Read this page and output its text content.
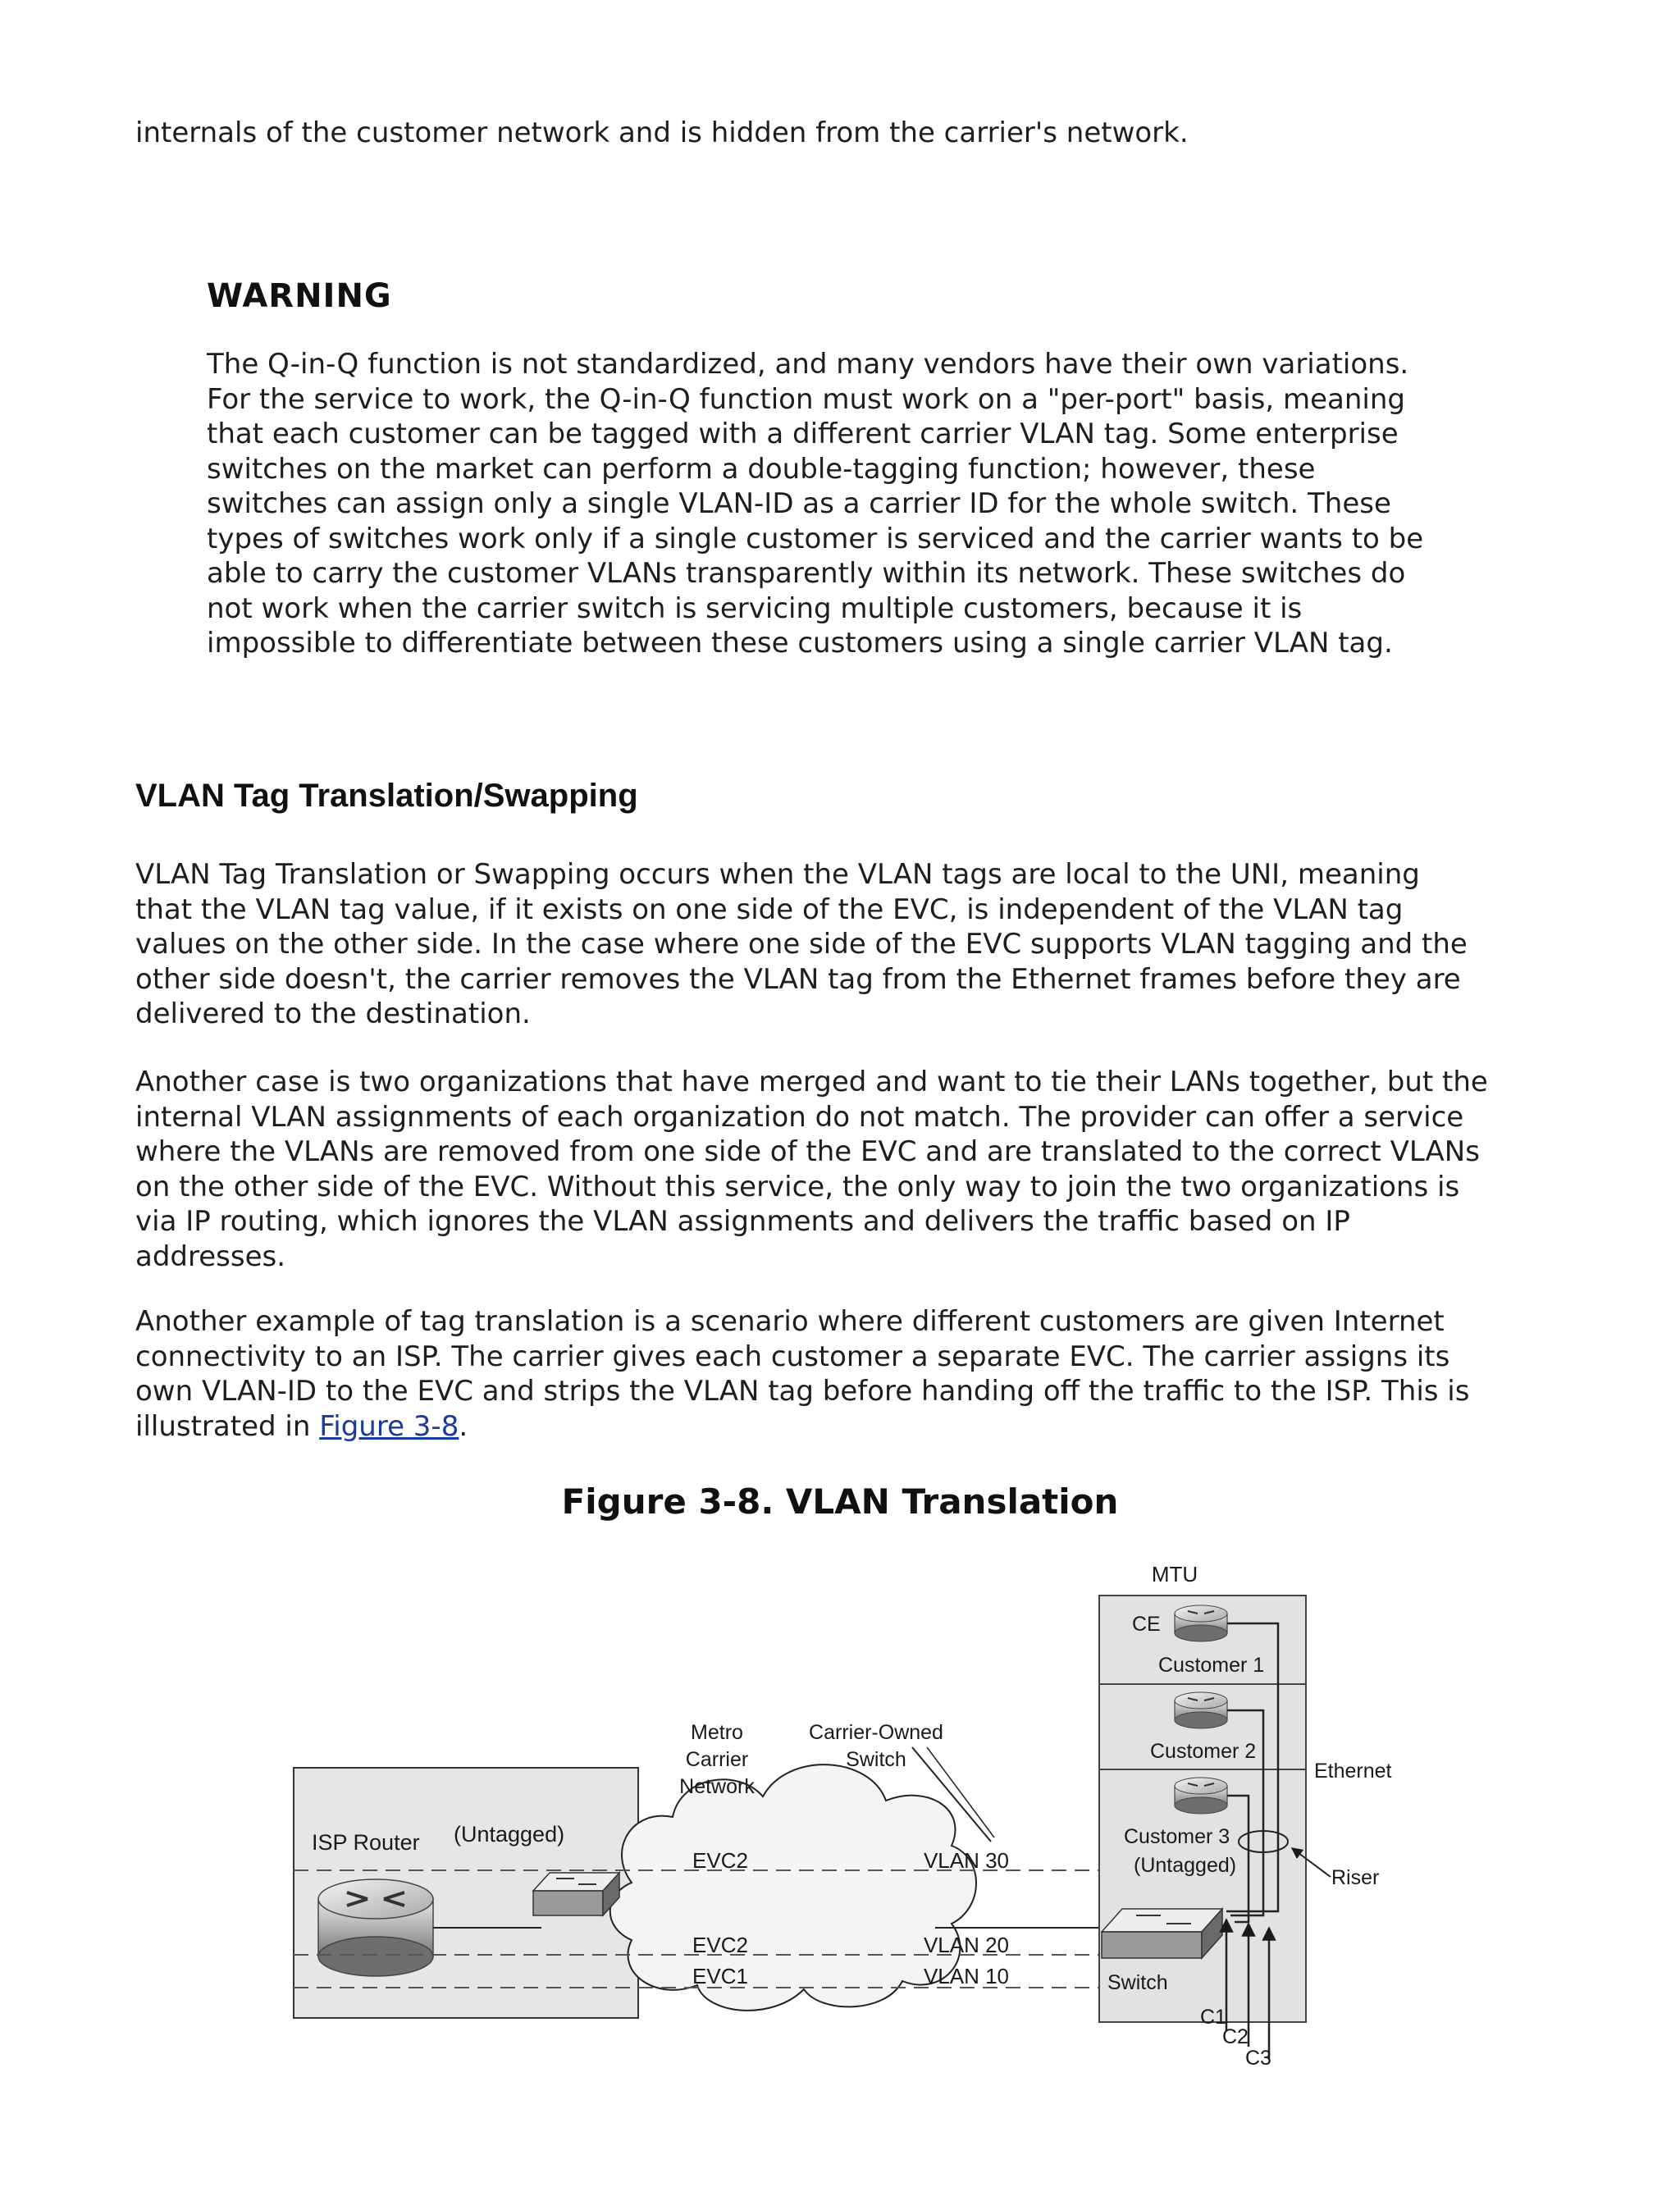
internals of the customer network and is hidden from the carrier's network.

WARNING

The Q-in-Q function is not standardized, and many vendors have their own variations.
For the service to work, the Q-in-Q function must work on a "per-port" basis, meaning
that each customer can be tagged with a different carrier VLAN tag. Some enterprise
switches on the market can perform a double-tagging function; however, these
switches can assign only a single VLAN-ID as a carrier ID for the whole switch. These
types of switches work only if a single customer is serviced and the carrier wants to be
able to carry the customer VLANs transparently within its network. These switches do
not work when the carrier switch is servicing multiple customers, because it is
impossible to differentiate between these customers using a single carrier VLAN tag.

VLAN Tag Translation/Swapping

VLAN Tag Translation or Swapping occurs when the VLAN tags are local to the UNI, meaning
that the VLAN tag value, if it exists on one side of the EVC, is independent of the VLAN tag
values on the other side. In the case where one side of the EVC supports VLAN tagging and the
other side doesn't, the carrier removes the VLAN tag from the Ethernet frames before they are
delivered to the destination.

Another case is two organizations that have merged and want to tie their LANs together, but the
internal VLAN assignments of each organization do not match. The provider can offer a service
where the VLANs are removed from one side of the EVC and are translated to the correct VLANs
on the other side of the EVC. Without this service, the only way to join the two organizations is
via IP routing, which ignores the VLAN assignments and delivers the traffic based on IP
addresses.

Another example of tag translation is a scenario where different customers are given Internet
connectivity to an ISP. The carrier gives each customer a separate EVC. The carrier assigns its
own VLAN-ID to the EVC and strips the VLAN tag before handing off the traffic to the ISP. This is
illustrated in Figure 3-8.

Figure 3-8. VLAN Translation
ISP Router (Untagged)
Metro
Carrier
Network
Carrier-Owned
Switch
EVC2
EVC2
EVC1
VLAN 30
VLAN 20
VLAN 10
MTU
CE
Customer 1
Customer 2
Customer 3
(Untagged)
Ethernet
Riser
Switch
C1
C2
C3
